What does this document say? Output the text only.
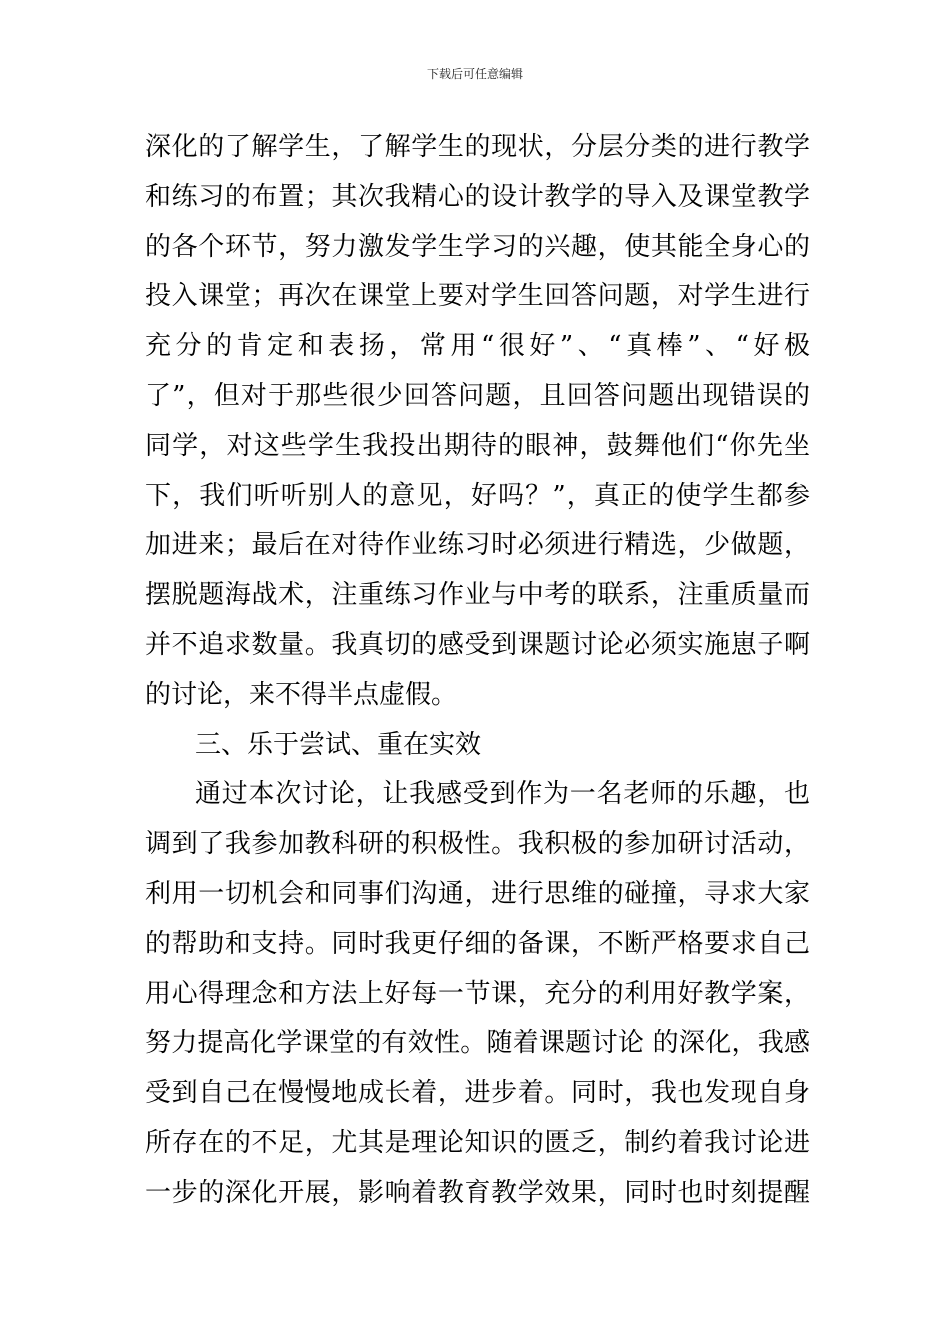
下载后可任意编辑
深化的了解学生，了解学生的现状，分层分类的进行教学
和练习的布置；其次我精心的设计教学的导入及课堂教学
的各个环节，努力激发学生学习的兴趣，使其能全身心的
投入课堂；再次在课堂上要对学生回答问题，对学生进行
充分的肯定和表扬，常用“很好”、“真棒”、“好极
了”，但对于那些很少回答问题，且回答问题出现错误的
同学，对这些学生我投出期待的眼神，鼓舞他们“你先坐
下，我们听听别人的意见，好吗？”，真正的使学生都参
加进来；最后在对待作业练习时必须进行精选，少做题，
摆脱题海战术，注重练习作业与中考的联系，注重质量而
并不追求数量。我真切的感受到课题讨论必须实施崽子啊
的讨论，来不得半点虚假。
三、乐于尝试、重在实效
通过本次讨论，让我感受到作为一名老师的乐趣，也
调到了我参加教科研的积极性。我积极的参加研讨活动，
利用一切机会和同事们沟通，进行思维的碰撞，寻求大家
的帮助和支持。同时我更仔细的备课，不断严格要求自己
用心得理念和方法上好每一节课，充分的利用好教学案，
努力提高化学课堂的有效性。随着课题讨论 的深化，我感
受到自己在慢慢地成长着，进步着。同时，我也发现自身
所存在的不足，尤其是理论知识的匮乏，制约着我讨论进
一步的深化开展，影响着教育教学效果，同时也时刻提醒
